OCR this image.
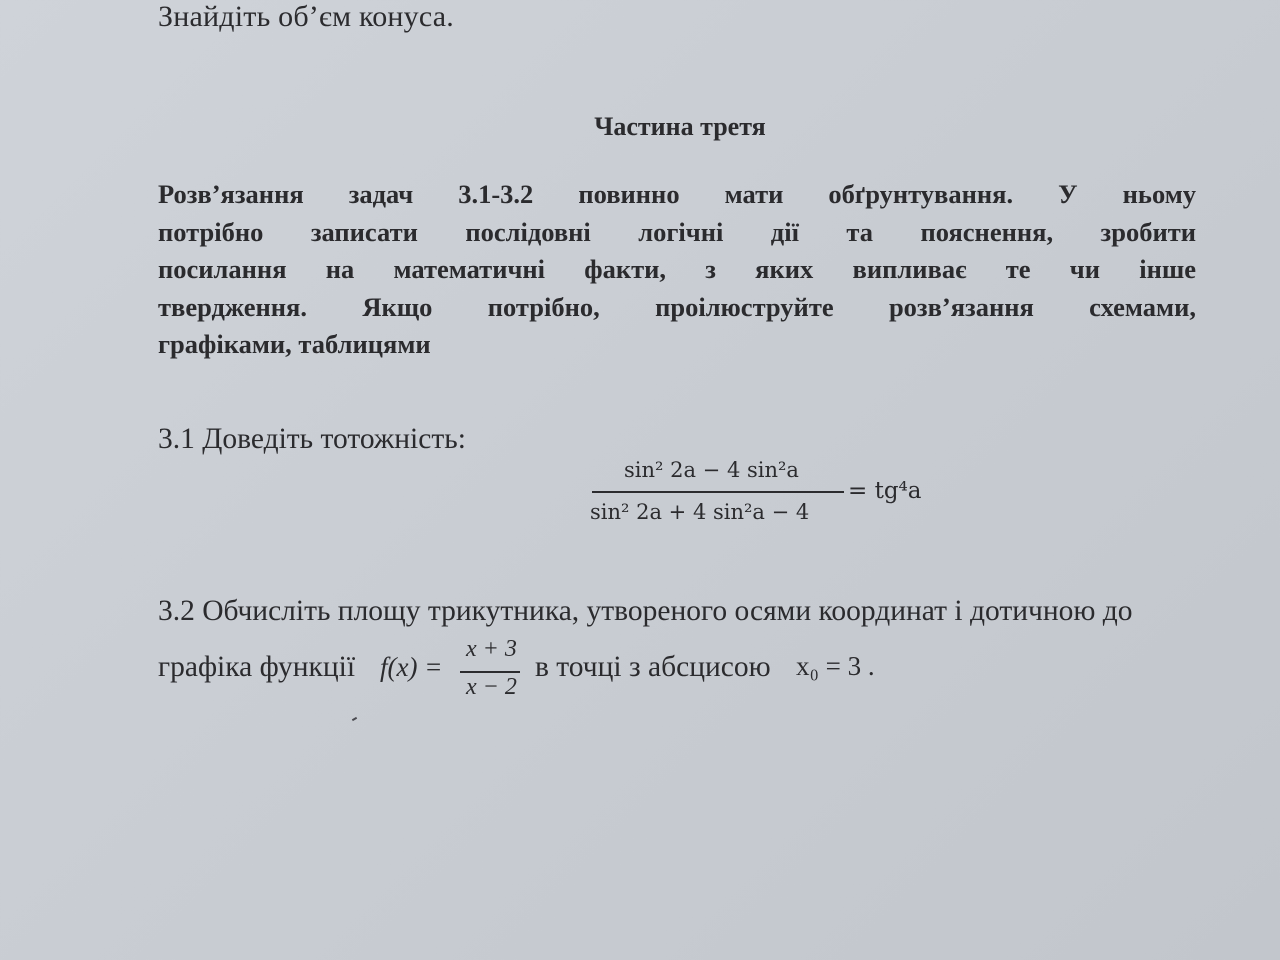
Знайдіть об’єм конуса.
Частина третя
Розв’язання задач 3.1-3.2 повинно мати обґрунтування. У ньому
потрібно записати послідовні логічні дії та пояснення, зробити
посилання на математичні факти, з яких випливає те чи інше
твердження. Якщо потрібно, проілюструйте розв’язання схемами,
графіками, таблицями
3.1 Доведіть тотожність:
sin² 2a − 4 sin²a
sin² 2a + 4 sin²a − 4
= tg⁴a
3.2 Обчисліть площу трикутника, утвореного осями координат і дотичною до
графіка функції f(x) =
x + 3
x − 2
в точці з абсцисою x₀ = 3 .
